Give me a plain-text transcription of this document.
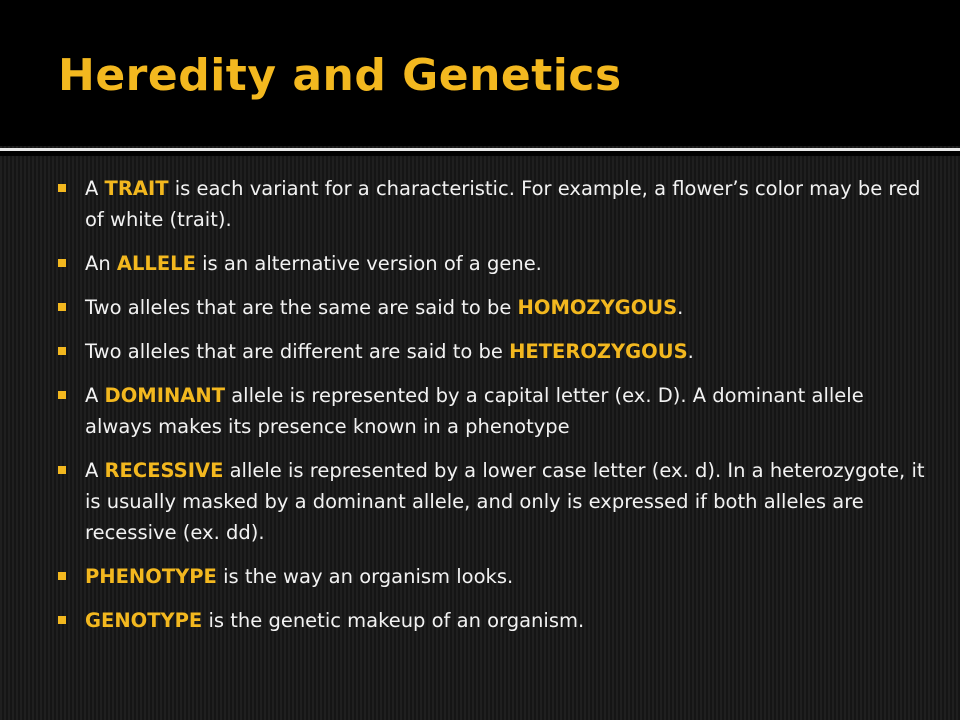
Heredity and Genetics
A TRAIT is each variant for a characteristic. For example, a flower’s color may be red of white (trait).
An ALLELE is an alternative version of a gene.
Two alleles that are the same are said to be HOMOZYGOUS.
Two alleles that are different are said to be HETEROZYGOUS.
A DOMINANT allele is represented by a capital letter (ex. D). A dominant allele always makes its presence known in a phenotype
A RECESSIVE allele is represented by a lower case letter (ex. d). In a heterozygote, it is usually masked by a dominant allele, and only is expressed if both alleles are recessive (ex. dd).
PHENOTYPE is the way an organism looks.
GENOTYPE is the genetic makeup of an organism.
